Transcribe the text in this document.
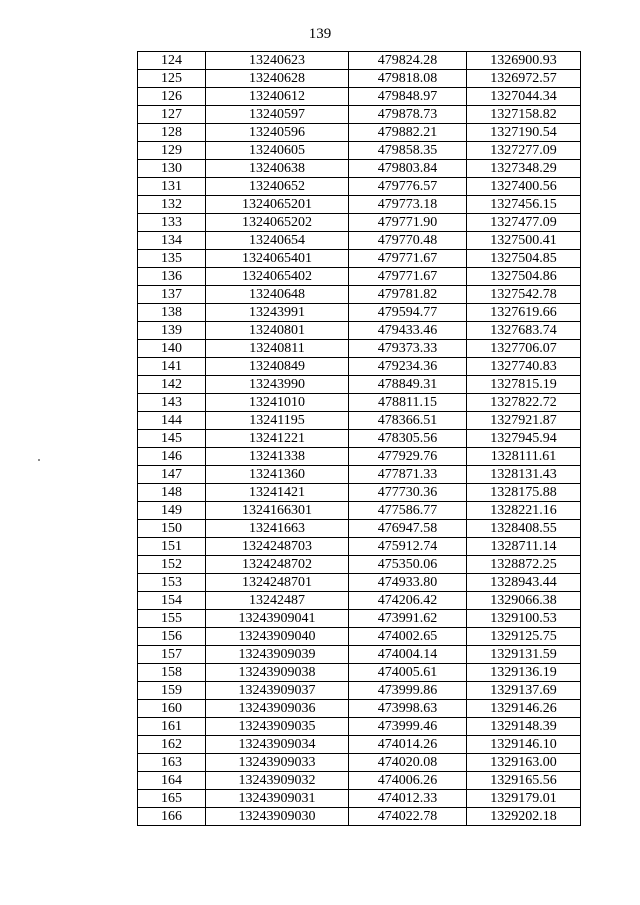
139
124	13240623	479824.28	1326900.93
125	13240628	479818.08	1326972.57
126	13240612	479848.97	1327044.34
127	13240597	479878.73	1327158.82
128	13240596	479882.21	1327190.54
129	13240605	479858.35	1327277.09
130	13240638	479803.84	1327348.29
131	13240652	479776.57	1327400.56
132	1324065201	479773.18	1327456.15
133	1324065202	479771.90	1327477.09
134	13240654	479770.48	1327500.41
135	1324065401	479771.67	1327504.85
136	1324065402	479771.67	1327504.86
137	13240648	479781.82	1327542.78
138	13243991	479594.77	1327619.66
139	13240801	479433.46	1327683.74
140	13240811	479373.33	1327706.07
141	13240849	479234.36	1327740.83
142	13243990	478849.31	1327815.19
143	13241010	478811.15	1327822.72
144	13241195	478366.51	1327921.87
145	13241221	478305.56	1327945.94
146	13241338	477929.76	1328111.61
147	13241360	477871.33	1328131.43
148	13241421	477730.36	1328175.88
149	1324166301	477586.77	1328221.16
150	13241663	476947.58	1328408.55
151	1324248703	475912.74	1328711.14
152	1324248702	475350.06	1328872.25
153	1324248701	474933.80	1328943.44
154	13242487	474206.42	1329066.38
155	13243909041	473991.62	1329100.53
156	13243909040	474002.65	1329125.75
157	13243909039	474004.14	1329131.59
158	13243909038	474005.61	1329136.19
159	13243909037	473999.86	1329137.69
160	13243909036	473998.63	1329146.26
161	13243909035	473999.46	1329148.39
162	13243909034	474014.26	1329146.10
163	13243909033	474020.08	1329163.00
164	13243909032	474006.26	1329165.56
165	13243909031	474012.33	1329179.01
166	13243909030	474022.78	1329202.18
